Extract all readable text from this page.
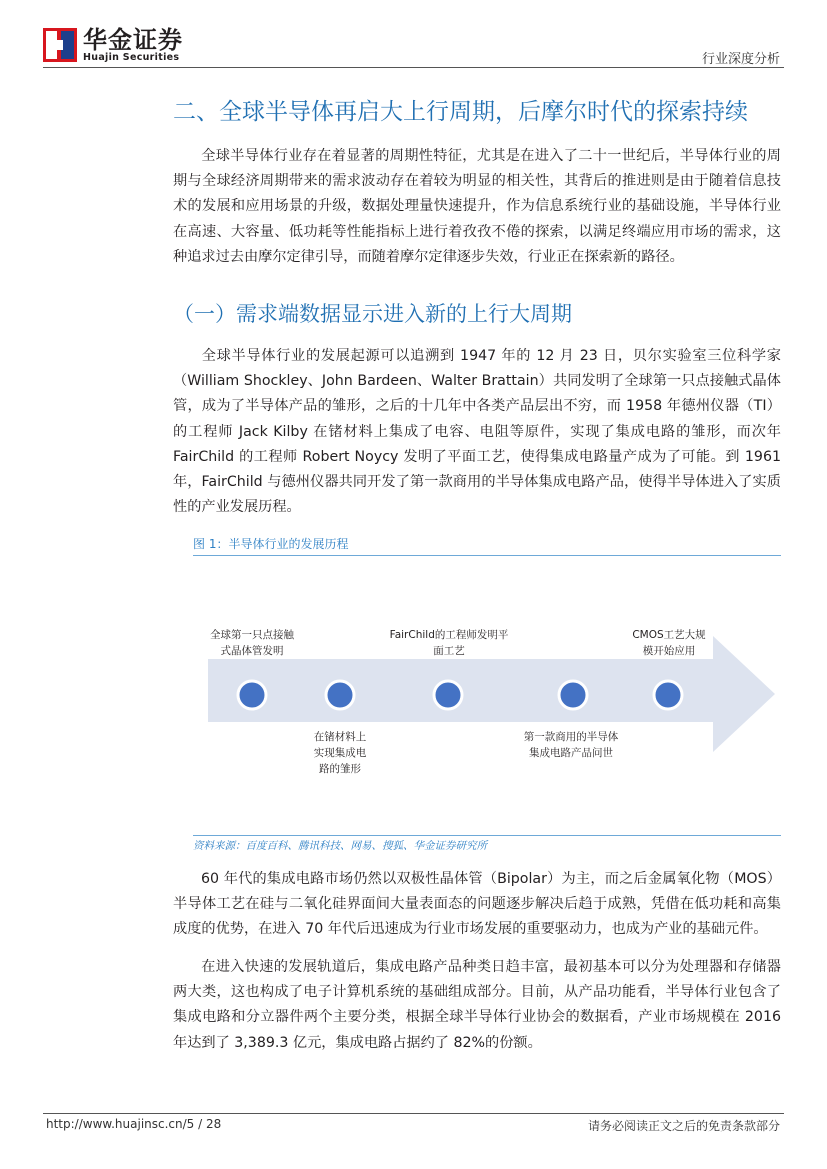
华金证券
Huajin Securities	行业深度分析
二、全球半导体再启大上行周期，后摩尔时代的探索持续
全球半导体行业存在着显著的周期性特征，尤其是在进入了二十一世纪后，半导体行业的周期与全球经济周期带来的需求波动存在着较为明显的相关性，其背后的推进则是由于随着信息技术的发展和应用场景的升级，数据处理量快速提升，作为信息系统行业的基础设施，半导体行业在高速、大容量、低功耗等性能指标上进行着孜孜不倦的探索，以满足终端应用市场的需求，这种追求过去由摩尔定律引导，而随着摩尔定律逐步失效，行业正在探索新的路径。
（一）需求端数据显示进入新的上行大周期
全球半导体行业的发展起源可以追溯到 1947 年的 12 月 23 日，贝尔实验室三位科学家（William Shockley、John Bardeen、Walter Brattain）共同发明了全球第一只点接触式晶体管，成为了半导体产品的雏形，之后的十几年中各类产品层出不穷，而 1958 年德州仪器（TI）的工程师 Jack Kilby 在锗材料上集成了电容、电阻等原件，实现了集成电路的雏形，而次年 FairChild 的工程师 Robert Noycy 发明了平面工艺，使得集成电路量产成为了可能。到 1961 年，FairChild 与德州仪器共同开发了第一款商用的半导体集成电路产品，使得半导体进入了实质性的产业发展历程。
图 1：半导体行业的发展历程
全球第一只点接触式晶体管发明
FairChild的工程师发明平面工艺
CMOS工艺大规模开始应用
在锗材料上实现集成电路的雏形
第一款商用的半导体集成电路产品问世
资料来源：百度百科、腾讯科技、网易、搜狐、华金证券研究所
60 年代的集成电路市场仍然以双极性晶体管（Bipolar）为主，而之后金属氧化物（MOS）半导体工艺在硅与二氧化硅界面间大量表面态的问题逐步解决后趋于成熟，凭借在低功耗和高集成度的优势，在进入 70 年代后迅速成为行业市场发展的重要驱动力，也成为产业的基础元件。
在进入快速的发展轨道后，集成电路产品种类日趋丰富，最初基本可以分为处理器和存储器两大类，这也构成了电子计算机系统的基础组成部分。目前，从产品功能看，半导体行业包含了集成电路和分立器件两个主要分类，根据全球半导体行业协会的数据看，产业市场规模在 2016 年达到了 3,389.3 亿元，集成电路占据约了 82%的份额。
http://www.huajinsc.cn/5 / 28	请务必阅读正文之后的免责条款部分
